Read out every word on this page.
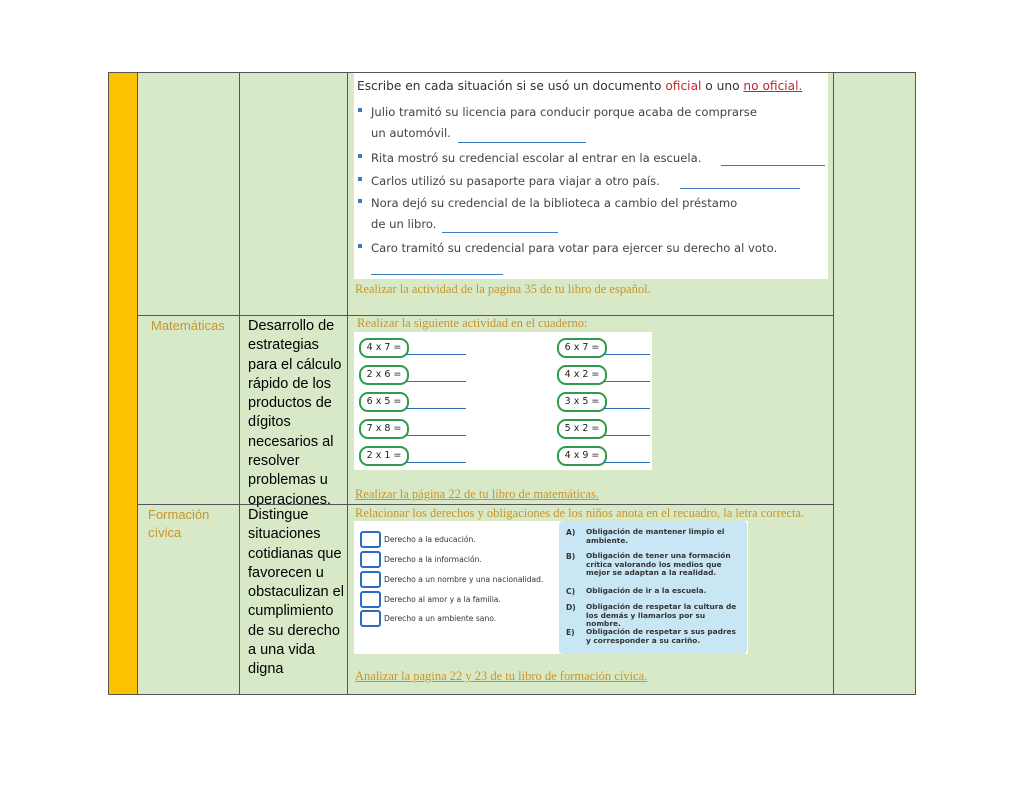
Escribe en cada situación si se usó un documento oficial o uno no oficial.
Julio tramitó su licencia para conducir porque acaba de comprarse
un automóvil.
Rita mostró su credencial escolar al entrar en la escuela.
Carlos utilizó su pasaporte para viajar a otro país.
Nora dejó su credencial de la biblioteca a cambio del préstamo
de un libro.
Caro tramitó su credencial para votar para ejercer su derecho al voto.
Realizar la actividad de la pagina 35 de tu libro de español.
Matemáticas Desarrollo de estrategias para el cálculo rápido de los productos de dígitos necesarios al resolver problemas u operaciones.
Realizar la siguiente actividad en el cuaderno:
4 x 7 =
2 x 6 =
6 x 5 =
7 x 8 =
2 x 1 =
6 x 7 =
4 x 2 =
3 x 5 =
5 x 2 =
4 x 9 =
Realizar la página 22 de tu libro de matemáticas.
Formación cívica
Distingue situaciones cotidianas que favorecen u obstaculizan el cumplimiento de su derecho a una vida digna
Relacionar los derechos y obligaciones de los niños anota en el recuadro, la letra correcta.
Derecho a la educación.
Derecho a la información.
Derecho a un nombre y una nacionalidad.
Derecho al amor y a la familia.
Derecho a un ambiente sano.
A) Obligación de mantener limpio el ambiente.
B) Obligación de tener una formación crítica valorando los medios que mejor se adaptan a la realidad.
C) Obligación de ir a la escuela.
D) Obligación de respetar la cultura de los demás y llamarlos por su nombre.
E) Obligación de respetar s sus padres y corresponder a su cariño.
Analizar la pagina 22 y 23 de tu libro de formación cívica.
